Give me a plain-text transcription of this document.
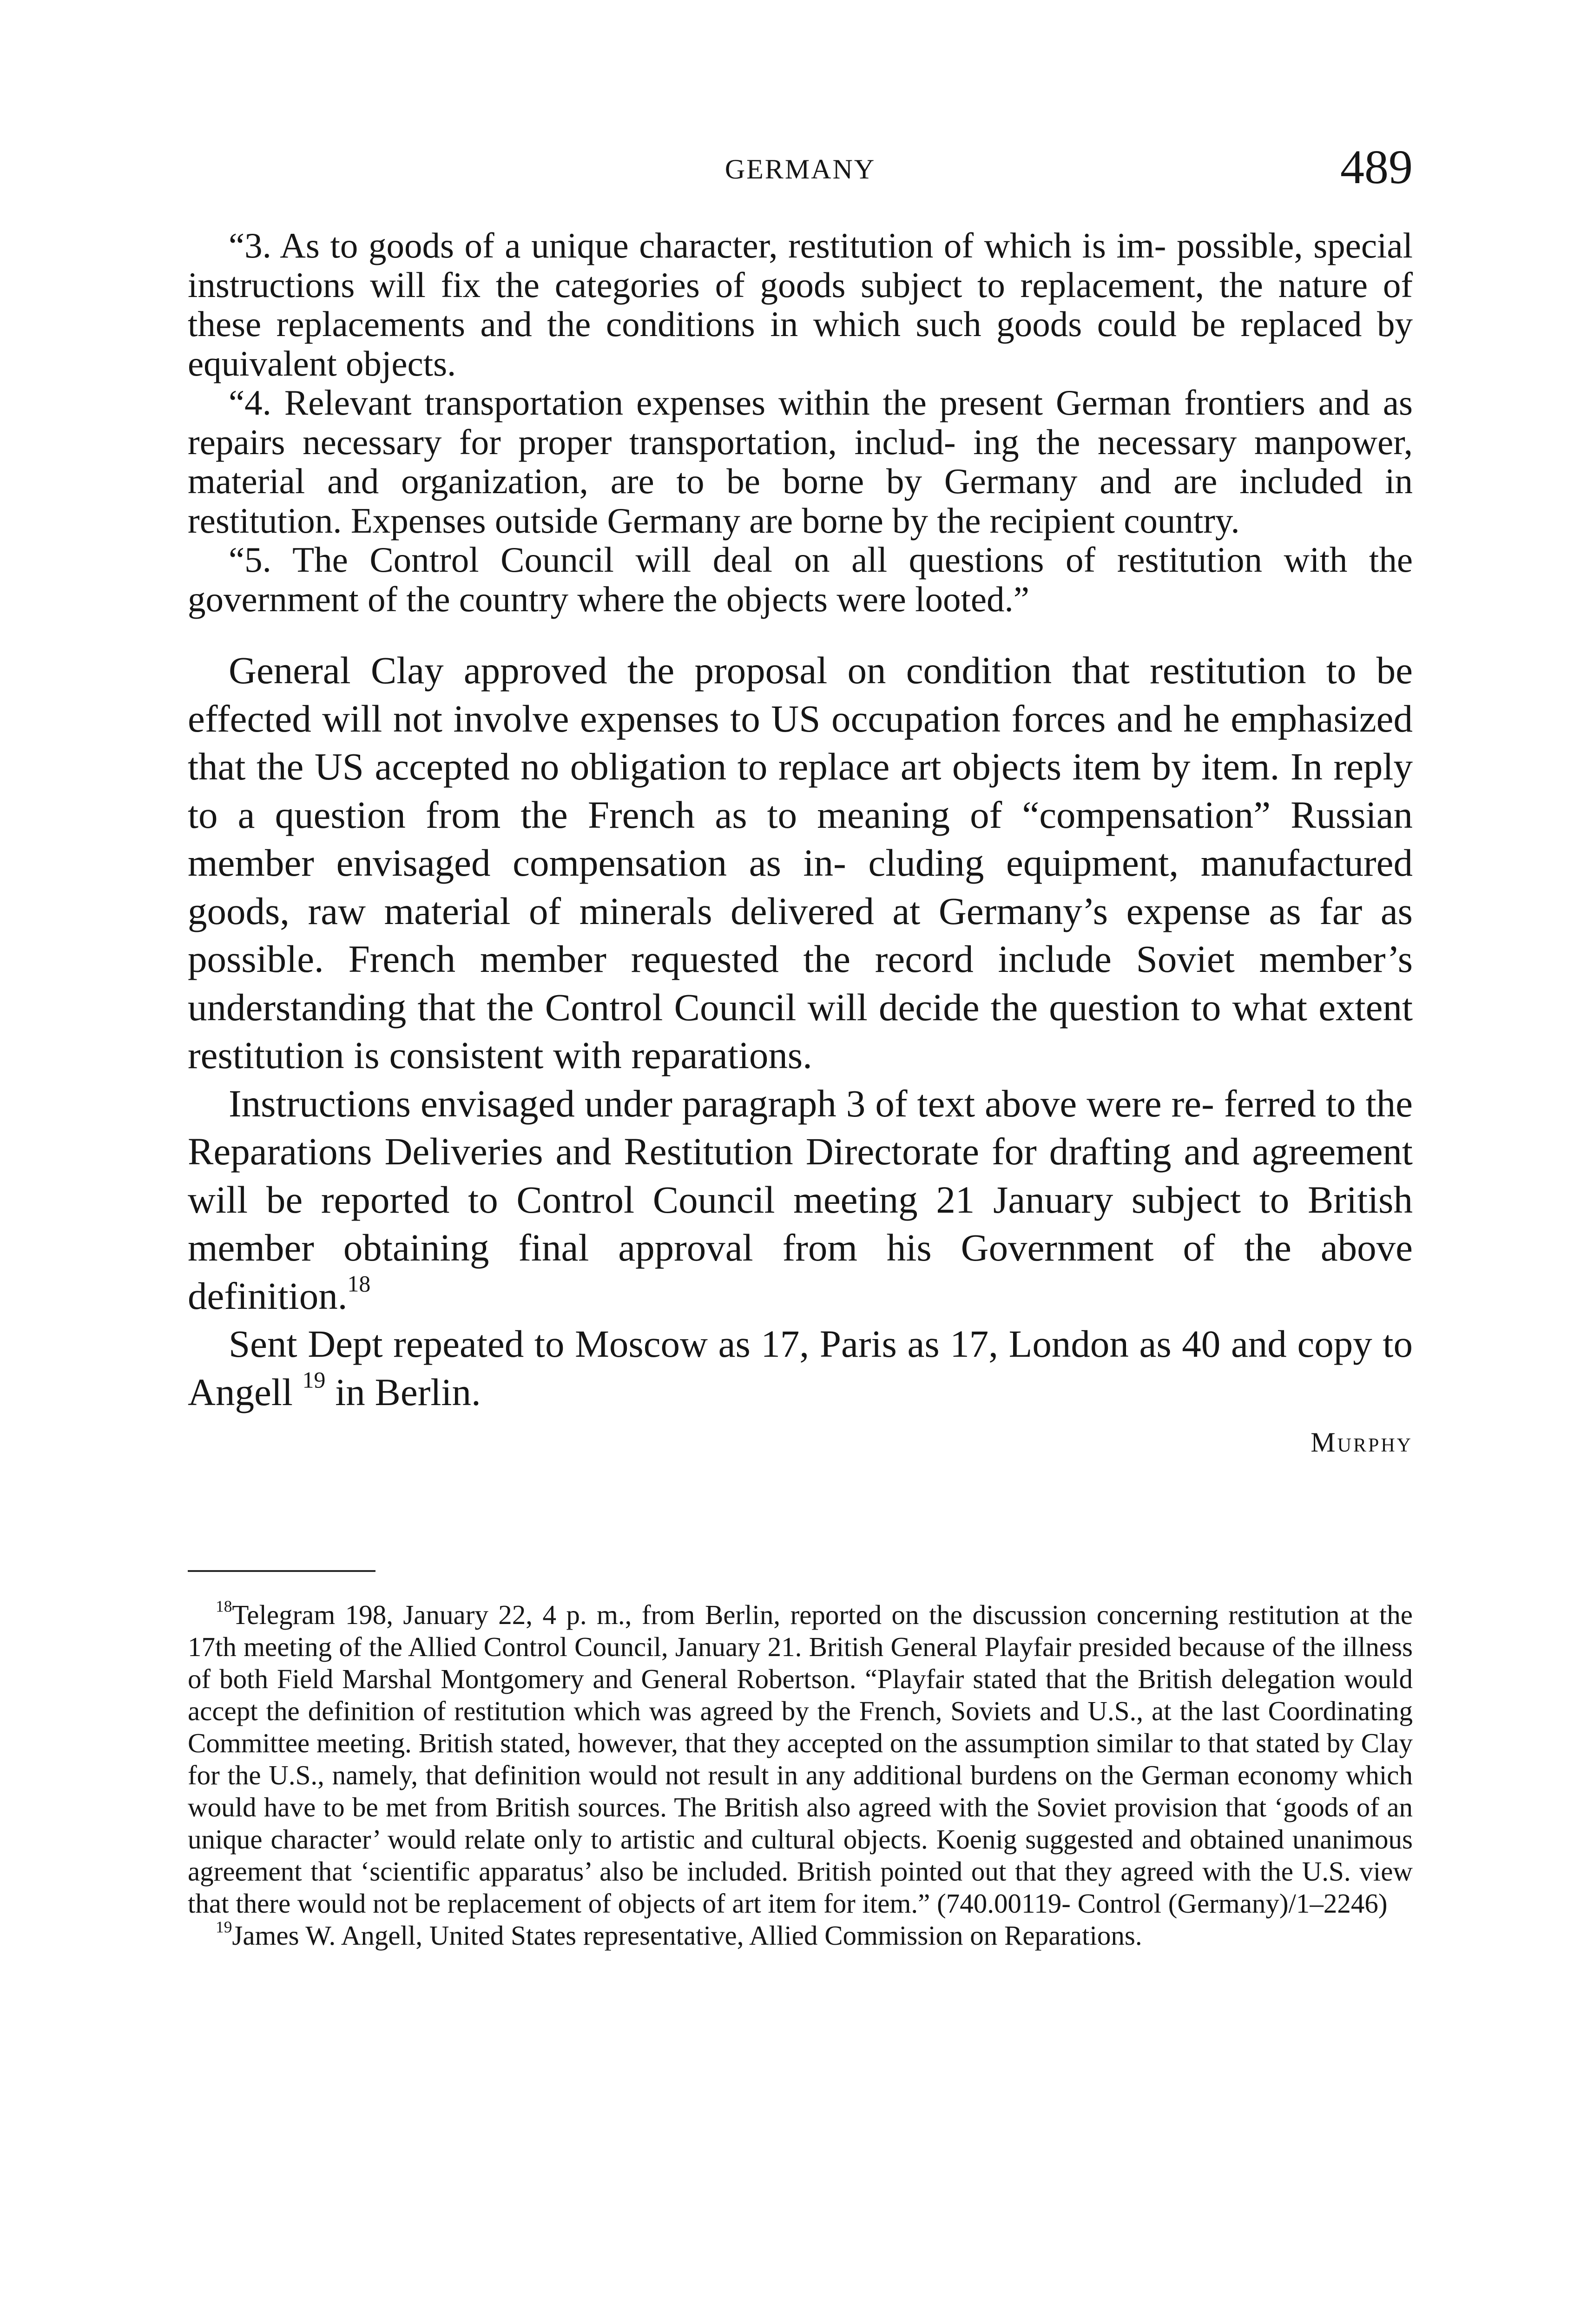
GERMANY	489

“3. As to goods of a unique character, restitution of which is im- possible, special instructions will fix the categories of goods subject to replacement, the nature of these replacements and the conditions in which such goods could be replaced by equivalent objects.

“4. Relevant transportation expenses within the present German frontiers and as repairs necessary for proper transportation, includ- ing the necessary manpower, material and organization, are to be borne by Germany and are included in restitution. Expenses outside Germany are borne by the recipient country.

“5. The Control Council will deal on all questions of restitution with the government of the country where the objects were looted.”

General Clay approved the proposal on condition that restitution to be effected will not involve expenses to US occupation forces and he emphasized that the US accepted no obligation to replace art objects item by item. In reply to a question from the French as to meaning of “compensation” Russian member envisaged compensation as in- cluding equipment, manufactured goods, raw material of minerals delivered at Germany’s expense as far as possible. French member requested the record include Soviet member’s understanding that the Control Council will decide the question to what extent restitution is consistent with reparations.

Instructions envisaged under paragraph 3 of text above were re- ferred to the Reparations Deliveries and Restitution Directorate for drafting and agreement will be reported to Control Council meeting 21 January subject to British member obtaining final approval from his Government of the above definition.$^{18}$

Sent Dept repeated to Moscow as 17, Paris as 17, London as 40 and copy to Angell $^{19}$ in Berlin.

Murphy

$^{18}$Telegram 198, January 22, 4 p. m., from Berlin, reported on the discussion concerning restitution at the 17th meeting of the Allied Control Council, January 21. British General Playfair presided because of the illness of both Field Marshal Montgomery and General Robertson. “Playfair stated that the British delegation would accept the definition of restitution which was agreed by the French, Soviets and U.S., at the last Coordinating Committee meeting. British stated, however, that they accepted on the assumption similar to that stated by Clay for the U.S., namely, that definition would not result in any additional burdens on the German economy which would have to be met from British sources. The British also agreed with the Soviet provision that ‘goods of an unique character’ would relate only to artistic and cultural objects. Koenig suggested and obtained unanimous agreement that ‘scientific apparatus’ also be included. British pointed out that they agreed with the U.S. view that there would not be replacement of objects of art item for item.” (740.00119- Control (Germany)/1–2246)

$^{19}$James W. Angell, United States representative, Allied Commission on Reparations.
